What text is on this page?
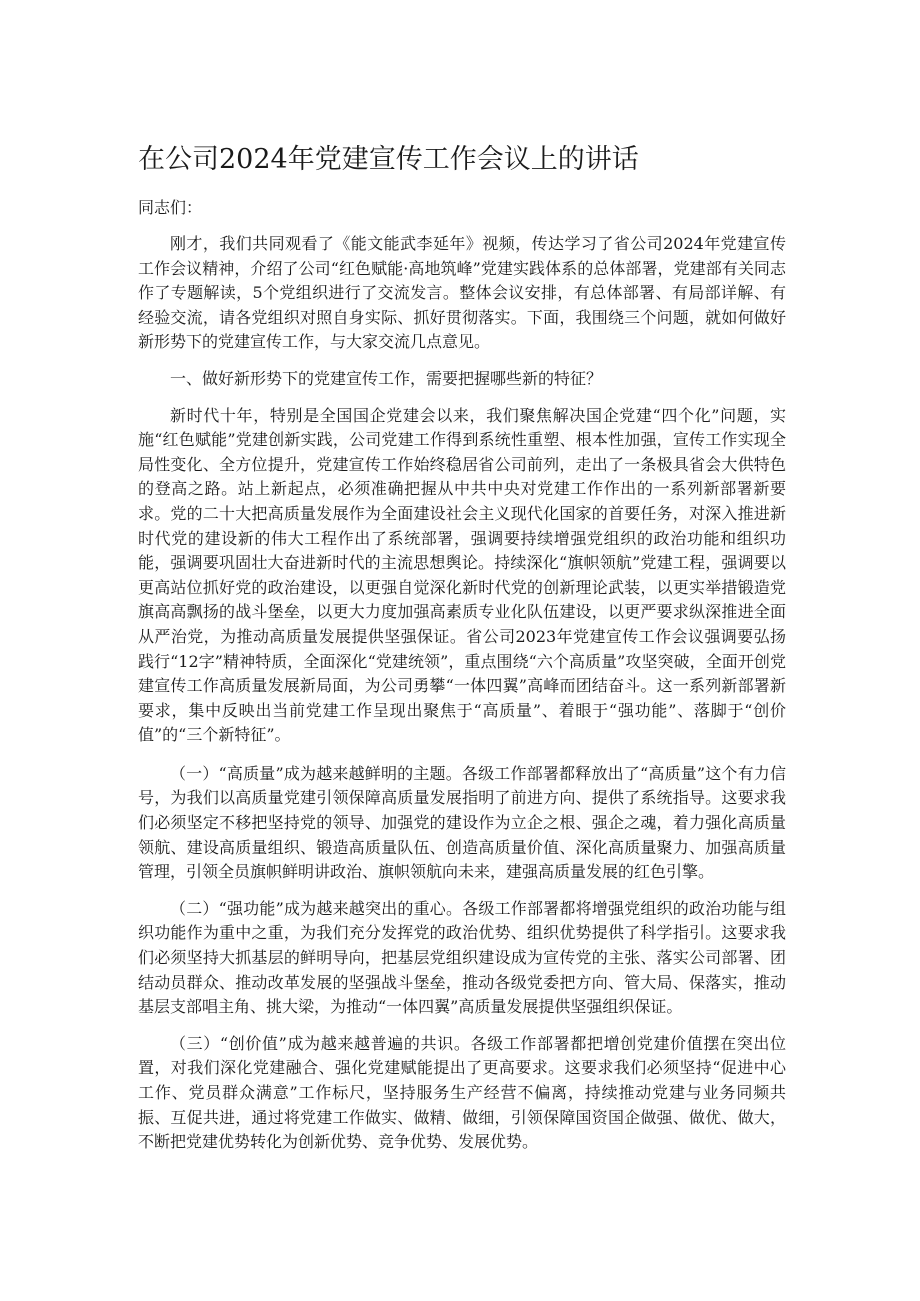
在公司2024年党建宣传工作会议上的讲话

同志们：

刚才，我们共同观看了《能文能武李延年》视频，传达学习了省公司2024年党建宣传工作会议精神，介绍了公司“红色赋能·高地筑峰”党建实践体系的总体部署，党建部有关同志作了专题解读，5个党组织进行了交流发言。整体会议安排，有总体部署、有局部详解、有经验交流，请各党组织对照自身实际、抓好贯彻落实。下面，我围绕三个问题，就如何做好新形势下的党建宣传工作，与大家交流几点意见。

一、做好新形势下的党建宣传工作，需要把握哪些新的特征？

新时代十年，特别是全国国企党建会以来，我们聚焦解决国企党建“四个化”问题，实施“红色赋能”党建创新实践，公司党建工作得到系统性重塑、根本性加强，宣传工作实现全局性变化、全方位提升，党建宣传工作始终稳居省公司前列，走出了一条极具省会大供特色的登高之路。站上新起点，必须准确把握从中共中央对党建工作作出的一系列新部署新要求。党的二十大把高质量发展作为全面建设社会主义现代化国家的首要任务，对深入推进新时代党的建设新的伟大工程作出了系统部署，强调要持续增强党组织的政治功能和组织功能，强调要巩固壮大奋进新时代的主流思想舆论。持续深化“旗帜领航”党建工程，强调要以更高站位抓好党的政治建设，以更强自觉深化新时代党的创新理论武装，以更实举措锻造党旗高高飘扬的战斗堡垒，以更大力度加强高素质专业化队伍建设，以更严要求纵深推进全面从严治党，为推动高质量发展提供坚强保证。省公司2023年党建宣传工作会议强调要弘扬践行“12字”精神特质，全面深化“党建统领”，重点围绕“六个高质量”攻坚突破，全面开创党建宣传工作高质量发展新局面，为公司勇攀“一体四翼”高峰而团结奋斗。这一系列新部署新要求，集中反映出当前党建工作呈现出聚焦于“高质量”、着眼于“强功能”、落脚于“创价值”的“三个新特征”。

（一）“高质量”成为越来越鲜明的主题。各级工作部署都释放出了“高质量”这个有力信号，为我们以高质量党建引领保障高质量发展指明了前进方向、提供了系统指导。这要求我们必须坚定不移把坚持党的领导、加强党的建设作为立企之根、强企之魂，着力强化高质量领航、建设高质量组织、锻造高质量队伍、创造高质量价值、深化高质量聚力、加强高质量管理，引领全员旗帜鲜明讲政治、旗帜领航向未来，建强高质量发展的红色引擎。

（二）“强功能”成为越来越突出的重心。各级工作部署都将增强党组织的政治功能与组织功能作为重中之重，为我们充分发挥党的政治优势、组织优势提供了科学指引。这要求我们必须坚持大抓基层的鲜明导向，把基层党组织建设成为宣传党的主张、落实公司部署、团结动员群众、推动改革发展的坚强战斗堡垒，推动各级党委把方向、管大局、保落实，推动基层支部唱主角、挑大梁，为推动“一体四翼”高质量发展提供坚强组织保证。

（三）“创价值”成为越来越普遍的共识。各级工作部署都把增创党建价值摆在突出位置，对我们深化党建融合、强化党建赋能提出了更高要求。这要求我们必须坚持“促进中心工作、党员群众满意”工作标尺，坚持服务生产经营不偏离，持续推动党建与业务同频共振、互促共进，通过将党建工作做实、做精、做细，引领保障国资国企做强、做优、做大，不断把党建优势转化为创新优势、竞争优势、发展优势。
